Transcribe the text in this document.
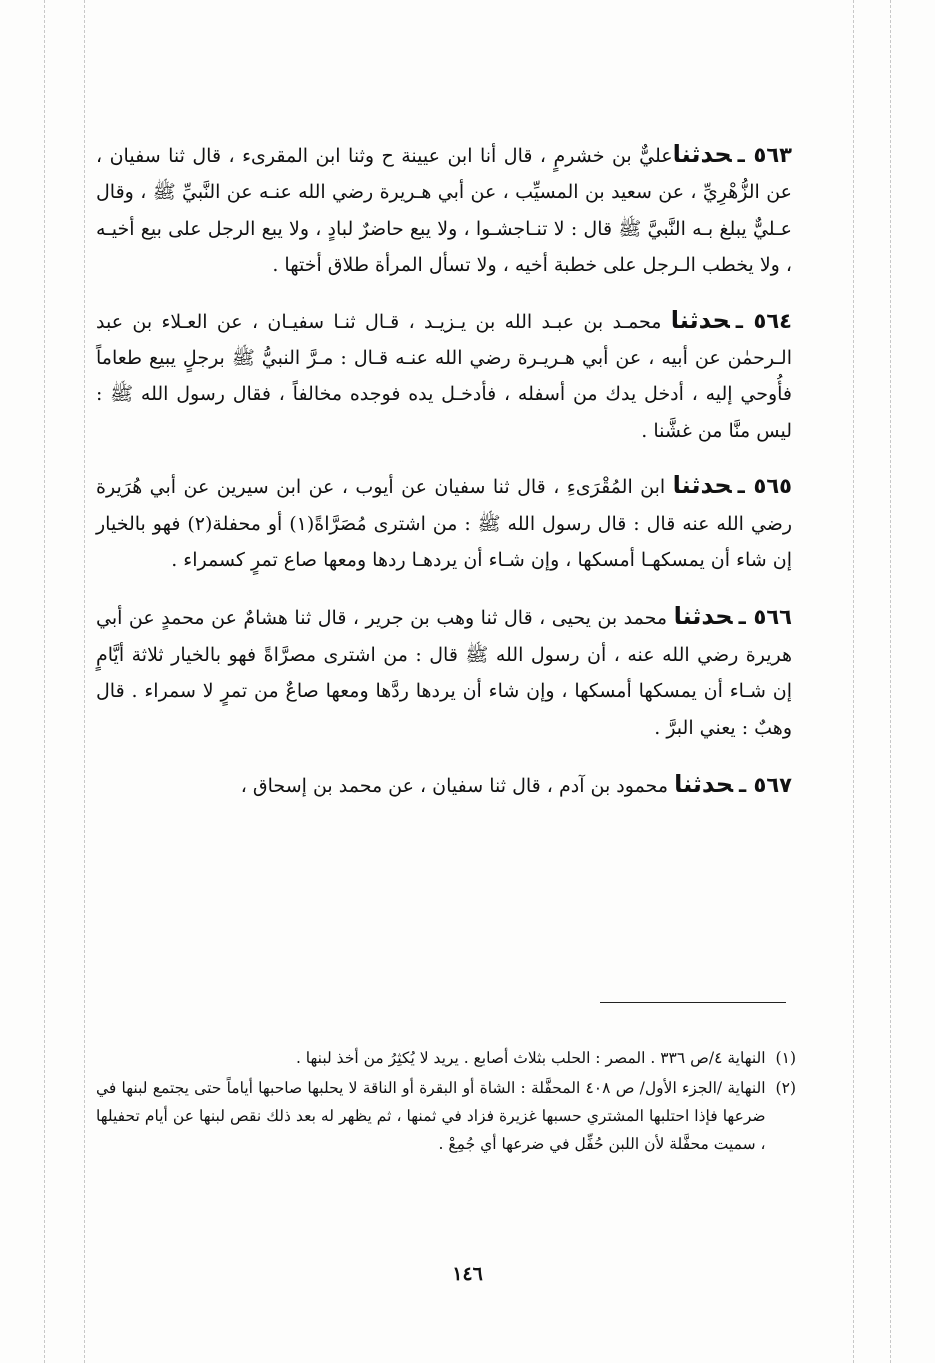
٥٦٣ ـحدثناعليٌّ بن خشرمٍ ، قال أنا ابن عيينة ح وثنا ابن المقرىء ، قال ثنا سفيان ، عن الزُّهْرِيِّ ، عن سعيد بن المسيِّب ، عن أبي هـريرة رضي الله عنـه عن النَّبيِّ ﷺ ، وقال عـليٌّ يبلغ بـه النَّبيَّ ﷺ قال : لا تنـاجشـوا ، ولا يبع حاضرٌ لبادٍ ، ولا يبع الرجل على بيع أخيـه ، ولا يخطب الـرجل على خطبة أخيه ، ولا تسأل المرأة طلاق أختها .

٥٦٤ ـحدثنا محمـد بن عبـد الله بن يـزيـد ، قـال ثنـا سفيـان ، عن العـلاء بن عبد الـرحمٰن عن أبيه ، عن أبي هـريـرة رضي الله عنـه قـال : مـرَّ النبيُّ ﷺ برجلٍ يبيع طعاماً فأُوحي إليه ، أدخل يدك من أسفله ، فأدخـل يده فوجده مخالفاً ، فقال رسول الله ﷺ : ليس منَّا من غشَّنا .

٥٦٥ ـحدثنا ابن المُقْرَىءِ ، قال ثنا سفيان عن أيوب ، عن ابن سيرين عن أبي هُرَيرة رضي الله عنه قال : قال رسول الله ﷺ : من اشترى مُصَرَّاةً(١) أو محفلة(٢) فهو بالخيار إن شاء أن يمسكهـا أمسكها ، وإن شـاء أن يردهـا ردها ومعها صاع تمرٍ كسمراء .

٥٦٦ ـحدثنا محمد بن يحيى ، قال ثنا وهب بن جرير ، قال ثنا هشامٌ عن محمدٍ عن أبي هريرة رضي الله عنه ، أن رسول الله ﷺ قال : من اشترى مصرَّاةً فهو بالخيار ثلاثة أيَّامٍ إن شـاء أن يمسكها أمسكها ، وإن شاء أن يردها ردَّها ومعها صاعٌ من تمرٍ لا سمراء . قال وهبٌ : يعني البرَّ .

٥٦٧ ـحدثنا محمود بن آدم ، قال ثنا سفيان ، عن محمد بن إسحاق ،

(١)
النهاية ٤/ص ٣٣٦ . المصر : الحلب بثلاث أصابع . يريد لا يُكثِرُ من أخذ لبنها .
(٢)
النهاية /الجزء الأول/ ص ٤٠٨ المحفَّلة : الشاة أو البقرة أو الناقة لا يحلبها صاحبها أياماً حتى يجتمع لبنها في ضرعها فإذا احتلبها المشتري حسبها غزيرة فزاد في ثمنها ، ثم يظهر له بعد ذلك نقص لبنها عن أيام تحفيلها ، سميت محفَّلة لأن اللبن حُفِّل في ضرعها أي جُمِعْ .
١٤٦
